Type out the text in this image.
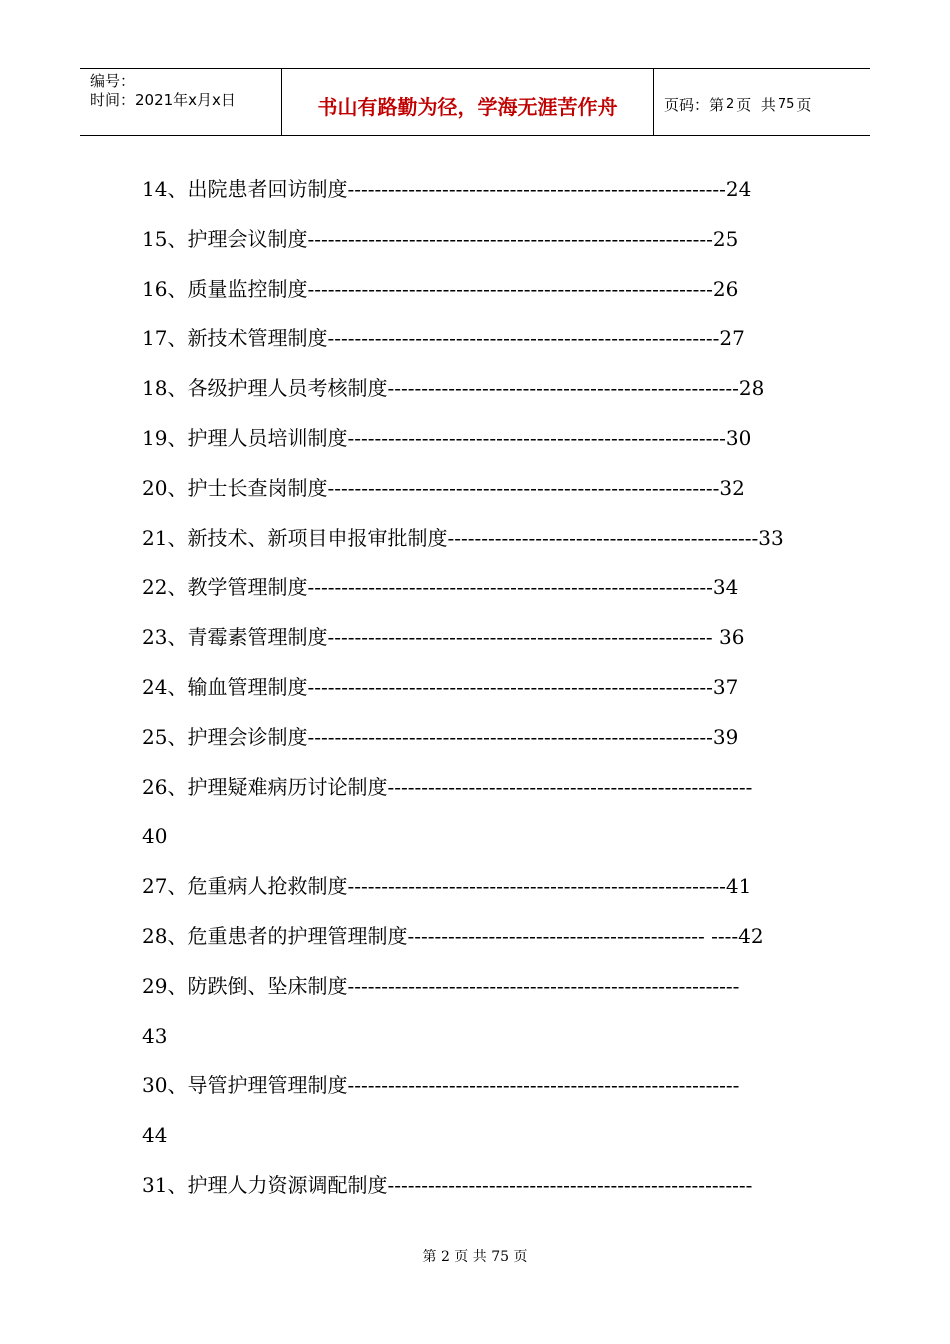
编号：
时间：2021年x月x日	书山有路勤为径，学海无涯苦作舟	页码：第 2 页  共 75 页
14、出院患者回访制度--------------------------------------------------------24
15、护理会议制度------------------------------------------------------------25
16、质量监控制度------------------------------------------------------------26
17、新技术管理制度----------------------------------------------------------27
18、各级护理人员考核制度----------------------------------------------------28
19、护理人员培训制度--------------------------------------------------------30
20、护士长查岗制度----------------------------------------------------------32
21、新技术、新项目申报审批制度----------------------------------------------33
22、教学管理制度------------------------------------------------------------34
23、青霉素管理制度--------------------------------------------------------- 36
24、输血管理制度------------------------------------------------------------37
25、护理会诊制度------------------------------------------------------------39
26、护理疑难病历讨论制度------------------------------------------------------
40
27、危重病人抢救制度--------------------------------------------------------41
28、危重患者的护理管理制度-------------------------------------------- ----42
29、防跌倒、坠床制度----------------------------------------------------------
43
30、导管护理管理制度----------------------------------------------------------
44
31、护理人力资源调配制度------------------------------------------------------
第 2 页 共 75 页
